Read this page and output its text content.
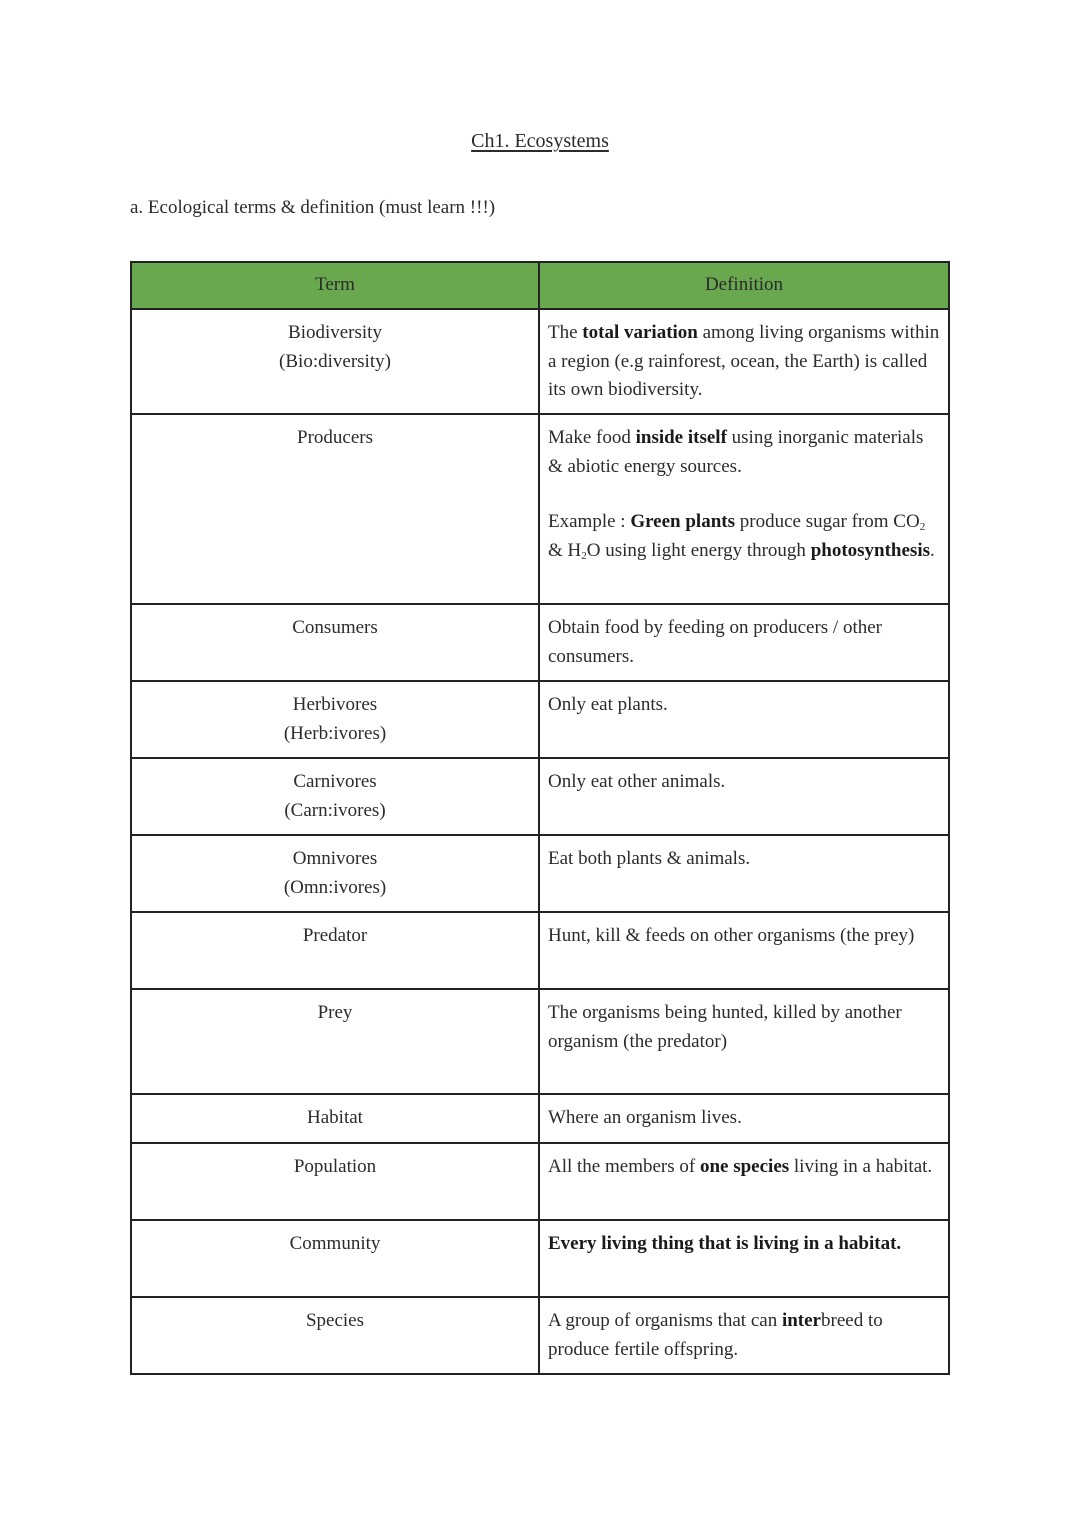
Ch1. Ecosystems
a. Ecological terms & definition (must learn !!!)
Term	Definition

Biodiversity
(Bio:diversity)	The total variation among living organisms within a region (e.g rainforest, ocean, the Earth) is called its own biodiversity.

Producers	Make food inside itself using inorganic materials & abiotic energy sources.

Example : Green plants produce sugar from $CO_2$ & $H_2O$ using light energy through photosynthesis.

Consumers	Obtain food by feeding on producers / other consumers.

Herbivores
(Herb:ivores)	Only eat plants.

Carnivores
(Carn:ivores)	Only eat other animals.

Omnivores
(Omn:ivores)	Eat both plants & animals.

Predator	Hunt, kill & feeds on other organisms (the prey)

Prey	The organisms being hunted, killed by another organism (the predator)

Habitat	Where an organism lives.

Population	All the members of one species living in a habitat.

Community	Every living thing that is living in a habitat.

Species	A group of organisms that can interbreed to produce fertile offspring.
